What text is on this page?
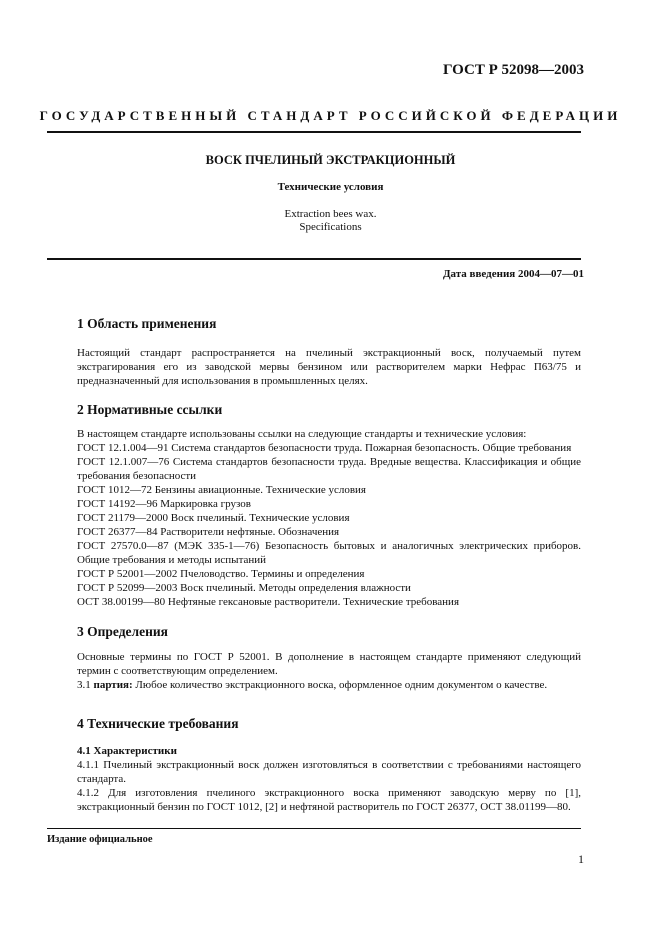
ГОСТ Р 52098—2003
ГОСУДАРСТВЕННЫЙ СТАНДАРТ РОССИЙСКОЙ ФЕДЕРАЦИИ
ВОСК ПЧЕЛИНЫЙ ЭКСТРАКЦИОННЫЙ
Технические условия
Extraction bees wax.
Specifications
Дата введения 2004—07—01
1 Область применения

Настоящий стандарт распространяется на пчелиный экстракционный воск, получаемый путем экстрагирования его из заводской мервы бензином или растворителем марки Нефрас П63/75 и предназначенный для использования в промышленных целях.

2 Нормативные ссылки

В настоящем стандарте использованы ссылки на следующие стандарты и технические условия:

ГОСТ 12.1.004—91 Система стандартов безопасности труда. Пожарная безопасность. Общие требования

ГОСТ 12.1.007—76 Система стандартов безопасности труда. Вредные вещества. Классификация и общие требования безопасности

ГОСТ 1012—72 Бензины авиационные. Технические условия

ГОСТ 14192—96 Маркировка грузов

ГОСТ 21179—2000 Воск пчелиный. Технические условия

ГОСТ 26377—84 Растворители нефтяные. Обозначения

ГОСТ 27570.0—87 (МЭК 335-1—76) Безопасность бытовых и аналогичных электрических приборов. Общие требования и методы испытаний

ГОСТ Р 52001—2002 Пчеловодство. Термины и определения

ГОСТ Р 52099—2003 Воск пчелиный. Методы определения влажности

ОСТ 38.00199—80 Нефтяные гексановые растворители. Технические требования

3 Определения

Основные термины по ГОСТ Р 52001. В дополнение в настоящем стандарте применяют следующий термин с соответствующим определением.

3.1 партия: Любое количество экстракционного воска, оформленное одним документом о качестве.

4 Технические требования

4.1 Характеристики

4.1.1 Пчелиный экстракционный воск должен изготовляться в соответствии с требованиями настоящего стандарта.

4.1.2 Для изготовления пчелиного экстракционного воска применяют заводскую мерву по [1], экстракционный бензин по ГОСТ 1012, [2] и нефтяной растворитель по ГОСТ 26377, ОСТ 38.01199—80.

Издание официальное
1
